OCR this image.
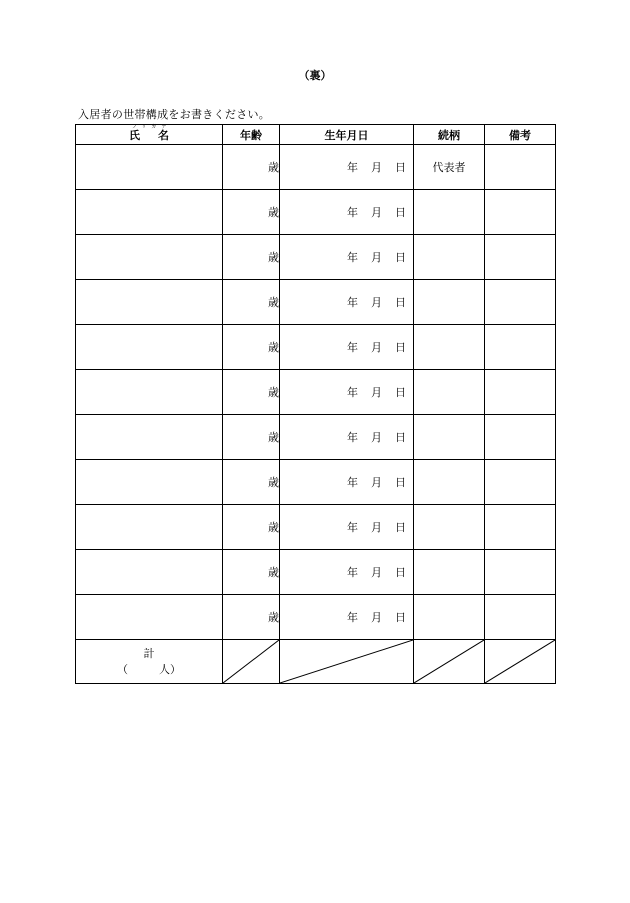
（裏）
入居者の世帯構成をお書きください。
フリガナ
氏名	年齢	生年月日	続柄	備考
	歳	年 月 日	代表者	
	歳	年 月 日		

	歳	年 月 日		

	歳	年 月 日		

	歳	年 月 日		

	歳	年 月 日		

	歳	年 月 日		

	歳	年 月 日		

	歳	年 月 日		

	歳	年 月 日		

	歳	年 月 日		

計
（ 人）
